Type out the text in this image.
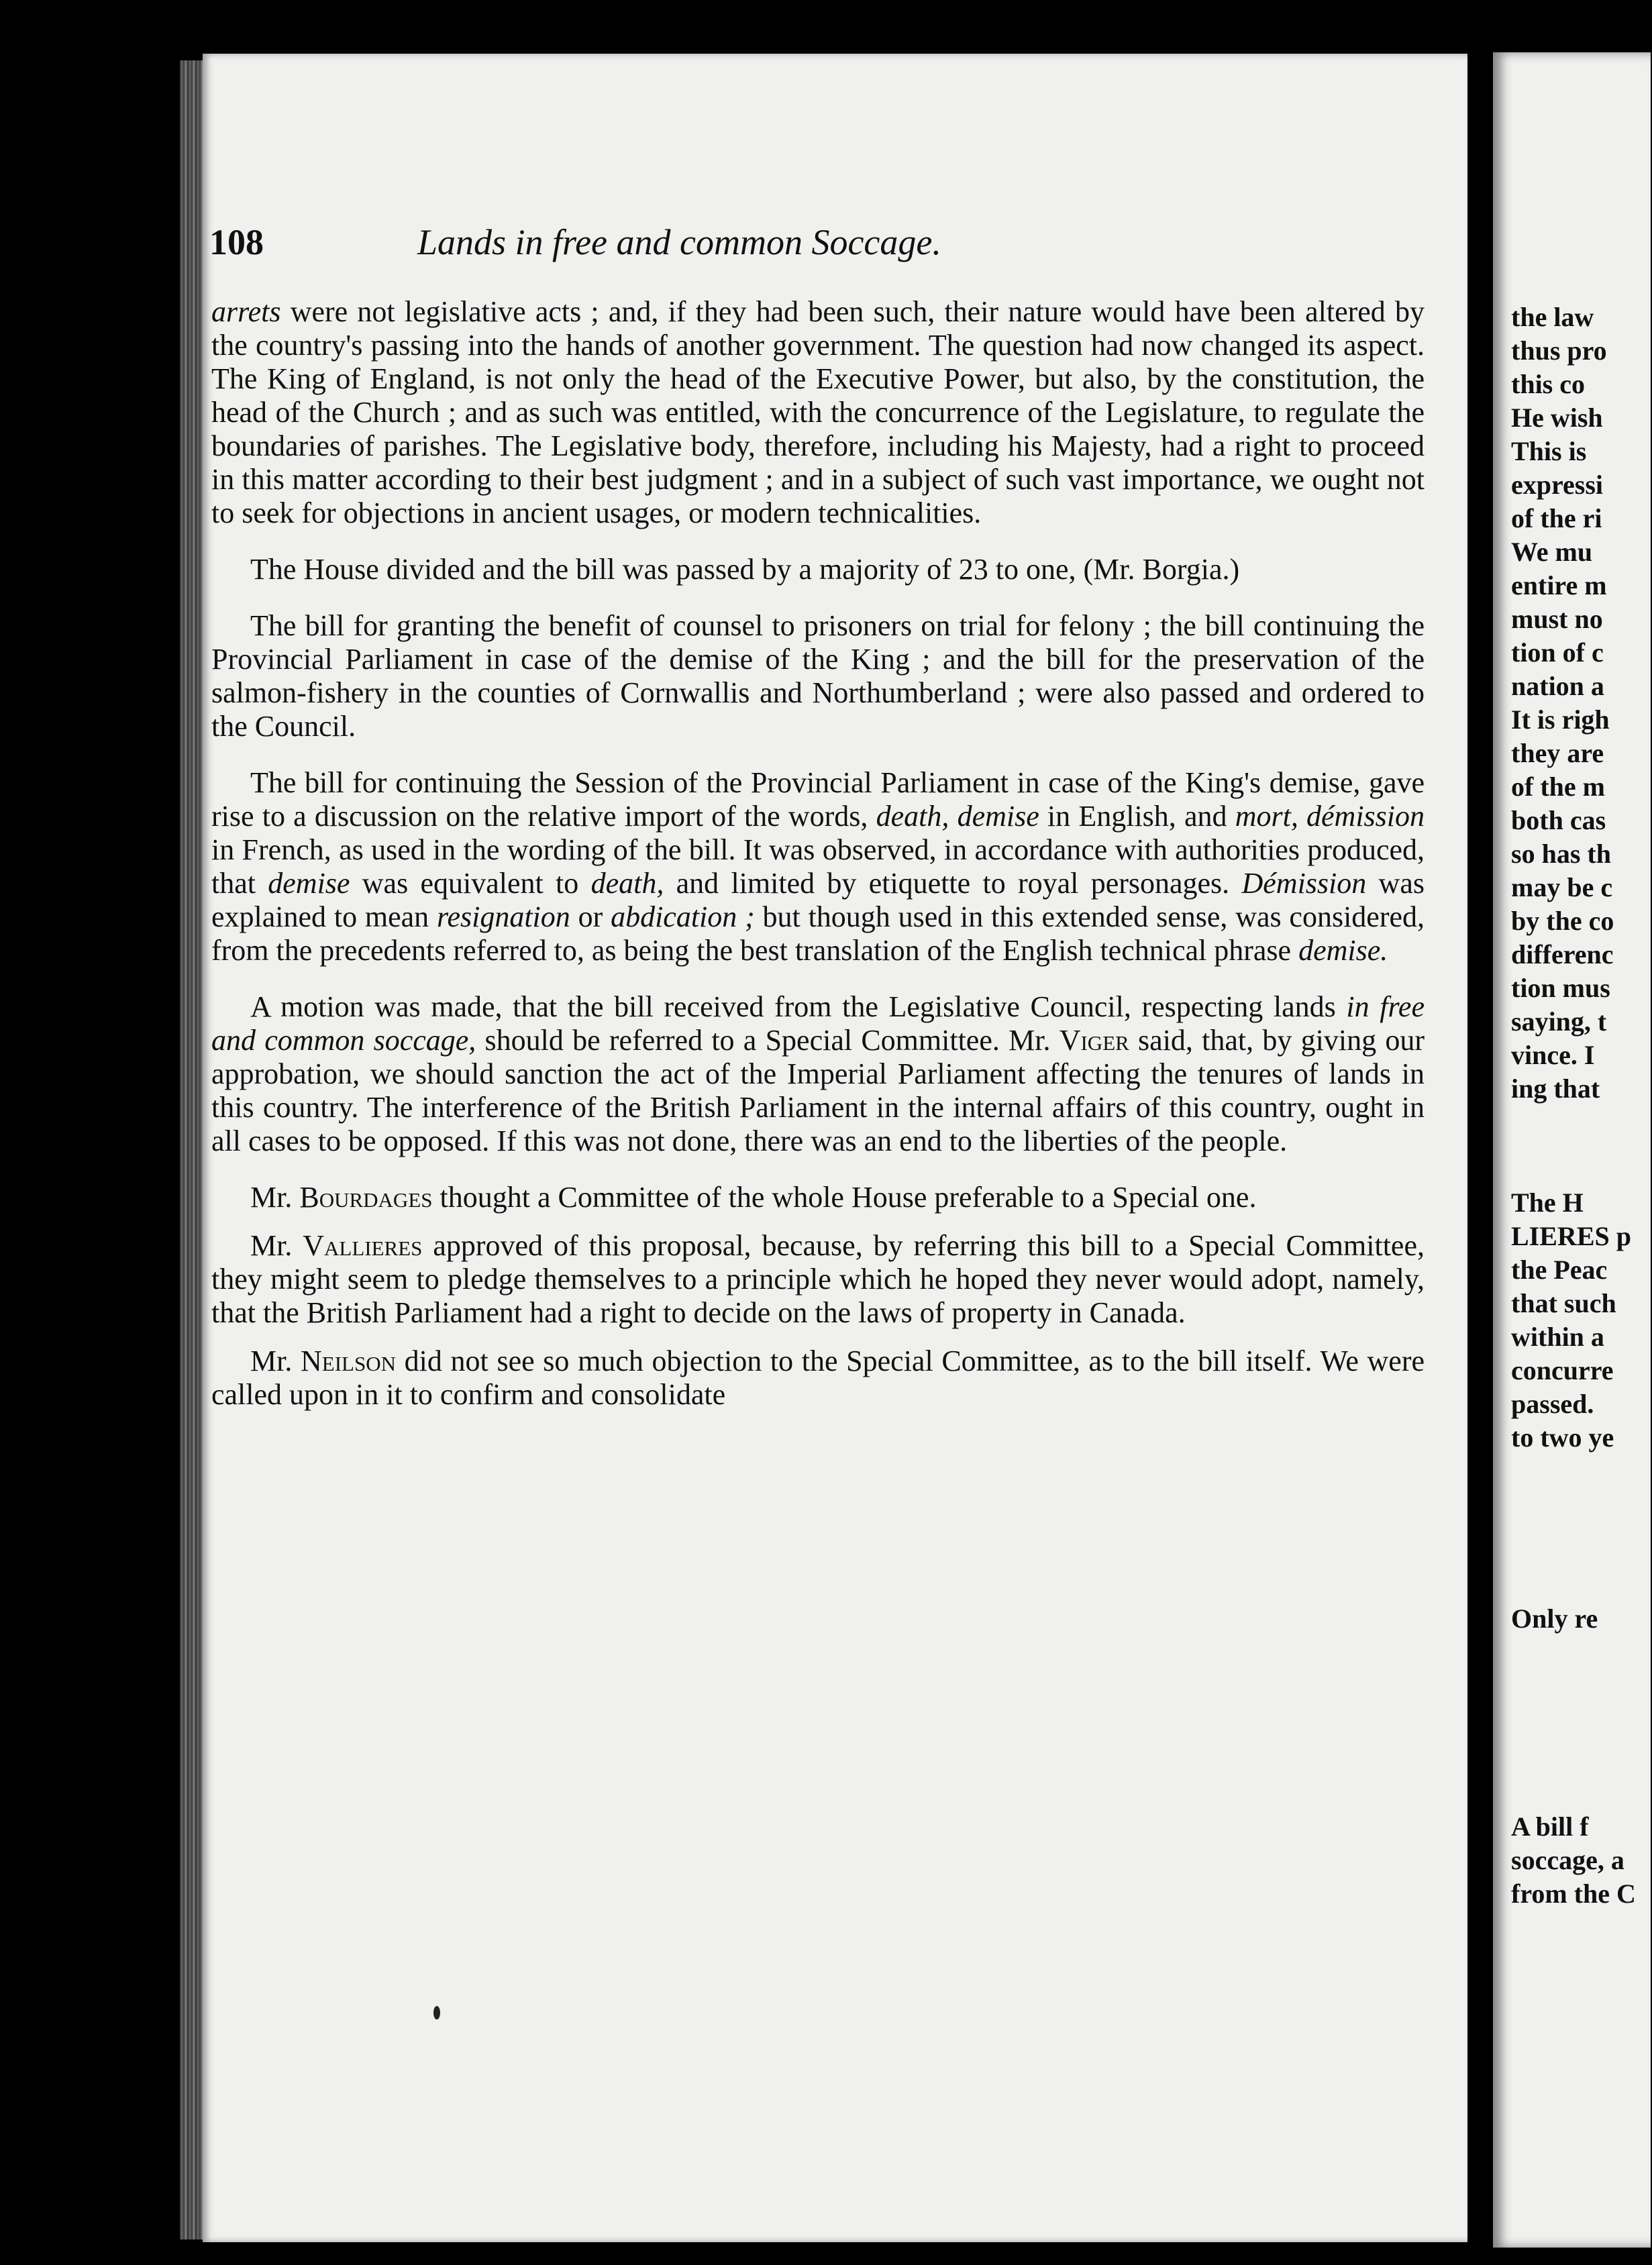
108	Lands in free and common Soccage.

arrets were not legislative acts ; and, if they had been such, their nature would have been altered by the country's passing into the hands of another government. The question had now changed its aspect. The King of England, is not only the head of the Executive Power, but also, by the constitution, the head of the Church ; and as such was entitled, with the concurrence of the Legislature, to regulate the boundaries of parishes. The Legislative body, therefore, including his Majesty, had a right to proceed in this matter according to their best judgment ; and in a subject of such vast importance, we ought not to seek for objections in ancient usages, or modern technicalities.

The House divided and the bill was passed by a majority of 23 to one, (Mr. Borgia.)

The bill for granting the benefit of counsel to prisoners on trial for felony ; the bill continuing the Provincial Parliament in case of the demise of the King ; and the bill for the preservation of the salmon-fishery in the counties of Cornwallis and Northumberland ; were also passed and ordered to the Council.

The bill for continuing the Session of the Provincial Parliament in case of the King's demise, gave rise to a discussion on the relative import of the words, death, demise in English, and mort, démission in French, as used in the wording of the bill. It was observed, in accordance with authorities produced, that demise was equivalent to death, and limited by etiquette to royal personages. Démission was explained to mean resignation or abdication ; but though used in this extended sense, was considered, from the precedents referred to, as being the best translation of the English technical phrase demise.

A motion was made, that the bill received from the Legislative Council, respecting lands in free and common soccage, should be referred to a Special Committee. Mr. Viger said, that, by giving our approbation, we should sanction the act of the Imperial Parliament affecting the tenures of lands in this country. The interference of the British Parliament in the internal affairs of this country, ought in all cases to be opposed. If this was not done, there was an end to the liberties of the people.

Mr. Bourdages thought a Committee of the whole House preferable to a Special one.

Mr. Vallieres approved of this proposal, because, by referring this bill to a Special Committee, they might seem to pledge themselves to a principle which he hoped they never would adopt, namely, that the British Parliament had a right to decide on the laws of property in Canada.

Mr. Neilson did not see so much objection to the Special Committee, as to the bill itself. We were called upon in it to confirm and consolidate

the law
thus pro
this co
He wish
This is
expressi
of the ri
We mu
entire m
must no
tion of c
nation a
It is righ
they are
of the m
both cas
so has th
may be c
by the co
differenc
tion mus
saying, t
vince. I
ing that
The H
LIERES p
the Peac
that such
within a
concurre
passed.
to two ye
Only re
A bill f
soccage, a
from the C
